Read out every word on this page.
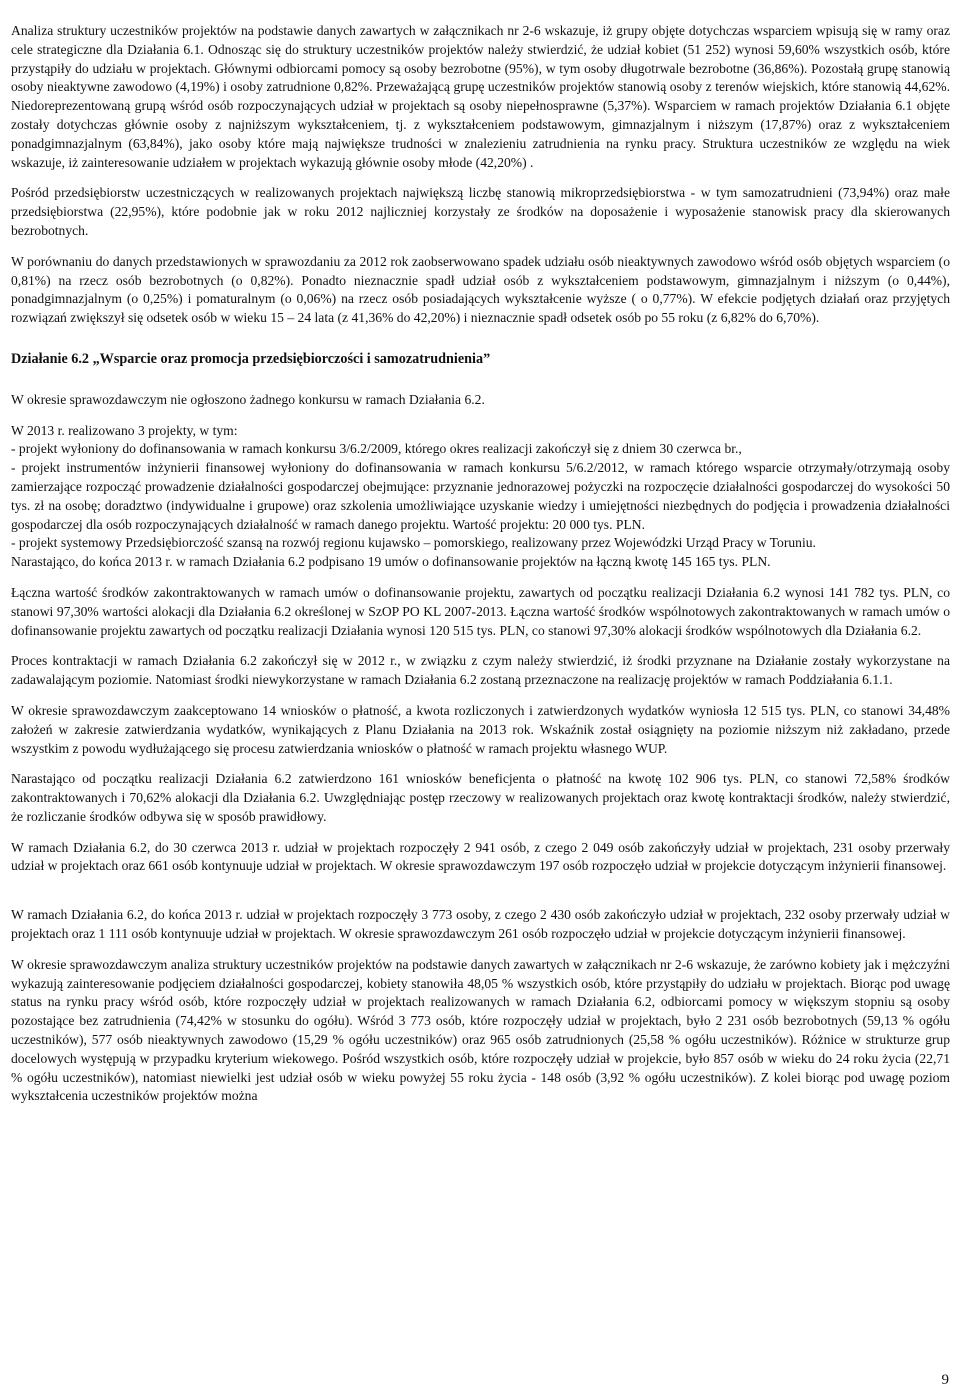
Analiza struktury uczestników projektów na podstawie danych zawartych w załącznikach nr 2-6 wskazuje, iż grupy objęte dotychczas wsparciem wpisują się w ramy oraz cele strategiczne dla Działania 6.1. Odnosząc się do struktury uczestników projektów należy stwierdzić, że udział kobiet (51 252) wynosi 59,60% wszystkich osób, które przystąpiły do udziału w projektach. Głównymi odbiorcami pomocy są osoby bezrobotne (95%), w tym osoby długotrwale bezrobotne (36,86%). Pozostałą grupę stanowią osoby nieaktywne zawodowo (4,19%) i osoby zatrudnione 0,82%. Przeważającą grupę uczestników projektów stanowią osoby z terenów wiejskich, które stanowią 44,62%. Niedoreprezentowaną grupą wśród osób rozpoczynających udział w projektach są osoby niepełnosprawne (5,37%). Wsparciem w ramach projektów Działania 6.1 objęte zostały dotychczas głównie osoby z najniższym wykształceniem, tj. z wykształceniem podstawowym, gimnazjalnym i niższym (17,87%) oraz z wykształceniem ponadgimnazjalnym (63,84%), jako osoby które mają największe trudności w znalezieniu zatrudnienia na rynku pracy. Struktura uczestników ze względu na wiek wskazuje, iż zainteresowanie udziałem w projektach wykazują głównie osoby młode (42,20%) .

Pośród przedsiębiorstw uczestniczących w realizowanych projektach największą liczbę stanowią mikroprzedsiębiorstwa - w tym samozatrudnieni (73,94%) oraz małe przedsiębiorstwa (22,95%), które podobnie jak w roku 2012 najliczniej korzystały ze środków na doposażenie i wyposażenie stanowisk pracy dla skierowanych bezrobotnych.

W porównaniu do danych przedstawionych w sprawozdaniu za 2012 rok zaobserwowano spadek udziału osób nieaktywnych zawodowo wśród osób objętych wsparciem (o 0,81%) na rzecz osób bezrobotnych (o 0,82%). Ponadto nieznacznie spadł udział osób z wykształceniem podstawowym, gimnazjalnym i niższym (o 0,44%), ponadgimnazjalnym (o 0,25%) i pomaturalnym (o 0,06%) na rzecz osób posiadających wykształcenie wyższe ( o 0,77%). W efekcie podjętych działań oraz przyjętych rozwiązań zwiększył się odsetek osób w wieku 15 – 24 lata (z 41,36% do 42,20%) i nieznacznie spadł odsetek osób po 55 roku (z 6,82% do 6,70%).

Działanie 6.2 „Wsparcie oraz promocja przedsiębiorczości i samozatrudnienia”

W okresie sprawozdawczym nie ogłoszono żadnego konkursu w ramach Działania 6.2.

W 2013 r. realizowano 3 projekty, w tym:

- projekt wyłoniony do dofinansowania w ramach konkursu 3/6.2/2009, którego okres realizacji zakończył się z dniem 30 czerwca br.,

- projekt instrumentów inżynierii finansowej wyłoniony do dofinansowania w ramach konkursu 5/6.2/2012, w ramach którego wsparcie otrzymały/otrzymają osoby zamierzające rozpocząć prowadzenie działalności gospodarczej obejmujące: przyznanie jednorazowej pożyczki na rozpoczęcie działalności gospodarczej do wysokości 50 tys. zł na osobę; doradztwo (indywidualne i grupowe) oraz szkolenia umożliwiające uzyskanie wiedzy i umiejętności niezbędnych do podjęcia i prowadzenia działalności gospodarczej dla osób rozpoczynających działalność w ramach danego projektu. Wartość projektu: 20 000 tys. PLN.

- projekt systemowy Przedsiębiorczość szansą na rozwój regionu kujawsko – pomorskiego, realizowany przez Wojewódzki Urząd Pracy w Toruniu.

Narastająco, do końca 2013 r. w ramach Działania 6.2 podpisano 19 umów o dofinansowanie projektów na łączną kwotę 145 165 tys. PLN.

Łączna wartość środków zakontraktowanych w ramach umów o dofinansowanie projektu, zawartych od początku realizacji Działania 6.2 wynosi 141 782 tys. PLN, co stanowi 97,30% wartości alokacji dla Działania 6.2 określonej w SzOP PO KL 2007-2013. Łączna wartość środków wspólnotowych zakontraktowanych w ramach umów o dofinansowanie projektu zawartych od początku realizacji Działania wynosi 120 515 tys. PLN, co stanowi 97,30% alokacji środków wspólnotowych dla Działania 6.2.

Proces kontraktacji w ramach Działania 6.2 zakończył się w 2012 r., w związku z czym należy stwierdzić, iż środki przyznane na Działanie zostały wykorzystane na zadawalającym poziomie. Natomiast środki niewykorzystane w ramach Działania 6.2 zostaną przeznaczone na realizację projektów w ramach Poddziałania 6.1.1.

W okresie sprawozdawczym zaakceptowano 14 wniosków o płatność, a kwota rozliczonych i zatwierdzonych wydatków wyniosła 12 515 tys. PLN, co stanowi 34,48% założeń w zakresie zatwierdzania wydatków, wynikających z Planu Działania na 2013 rok. Wskaźnik został osiągnięty na poziomie niższym niż zakładano, przede wszystkim z powodu wydłużającego się procesu zatwierdzania wniosków o płatność w ramach projektu własnego WUP.

Narastająco od początku realizacji Działania 6.2 zatwierdzono 161 wniosków beneficjenta o płatność na kwotę 102 906 tys. PLN, co stanowi 72,58% środków zakontraktowanych i 70,62% alokacji dla Działania 6.2. Uwzględniając postęp rzeczowy w realizowanych projektach oraz kwotę kontraktacji środków, należy stwierdzić, że rozliczanie środków odbywa się w sposób prawidłowy.

W ramach Działania 6.2, do 30 czerwca 2013 r. udział w projektach rozpoczęły 2 941 osób, z czego 2 049 osób zakończyły udział w projektach, 231 osoby przerwały udział w projektach oraz 661 osób kontynuuje udział w projektach. W okresie sprawozdawczym 197 osób rozpoczęło udział w projekcie dotyczącym inżynierii finansowej.

W ramach Działania 6.2, do końca 2013 r. udział w projektach rozpoczęły 3 773 osoby, z czego 2 430 osób zakończyło udział w projektach, 232 osoby przerwały udział w projektach oraz 1 111 osób kontynuuje udział w projektach. W okresie sprawozdawczym 261 osób rozpoczęło udział w projekcie dotyczącym inżynierii finansowej.

W okresie sprawozdawczym analiza struktury uczestników projektów na podstawie danych zawartych w załącznikach nr 2-6 wskazuje, że zarówno kobiety jak i mężczyźni wykazują zainteresowanie podjęciem działalności gospodarczej, kobiety stanowiła 48,05 % wszystkich osób, które przystąpiły do udziału w projektach. Biorąc pod uwagę status na rynku pracy wśród osób, które rozpoczęły udział w projektach realizowanych w ramach Działania 6.2, odbiorcami pomocy w większym stopniu są osoby pozostające bez zatrudnienia (74,42% w stosunku do ogółu). Wśród 3 773 osób, które rozpoczęły udział w projektach, było 2 231 osób bezrobotnych (59,13 % ogółu uczestników), 577 osób nieaktywnych zawodowo (15,29 % ogółu uczestników) oraz 965 osób zatrudnionych (25,58 % ogółu uczestników). Różnice w strukturze grup docelowych występują w przypadku kryterium wiekowego. Pośród wszystkich osób, które rozpoczęły udział w projekcie, było 857 osób w wieku do 24 roku życia (22,71 % ogółu uczestników), natomiast niewielki jest udział osób w wieku powyżej 55 roku życia - 148 osób (3,92 % ogółu uczestników). Z kolei biorąc pod uwagę poziom wykształcenia uczestników projektów można

9
